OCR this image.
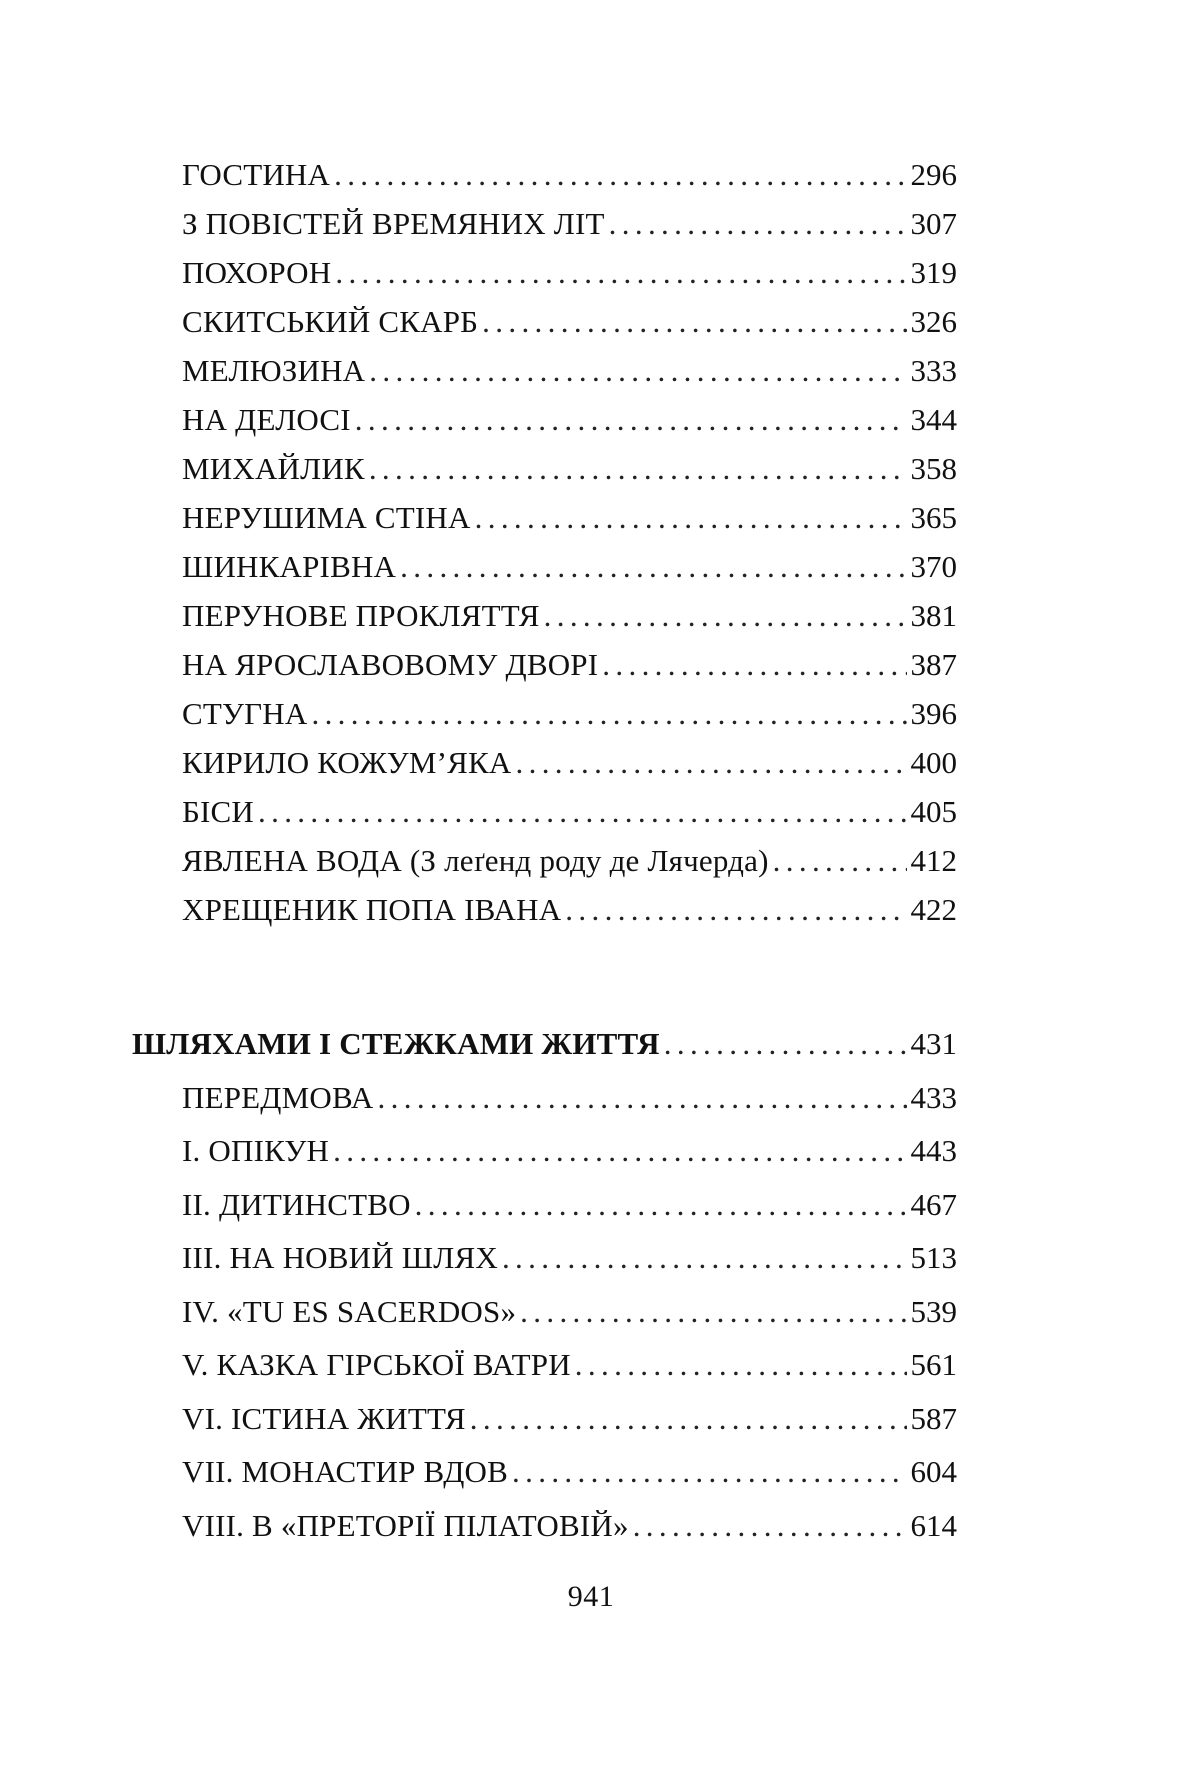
ГОСТИНА . . .	296
З ПОВІСТЕЙ ВРЕМЯНИХ ЛІТ . . .	307
ПОХОРОН . . .	319
СКИТСЬКИЙ СКАРБ . . .	326
МЕЛЮЗИНА . . .	333
НА ДЕЛОСІ . . .	344
МИХАЙЛИК . . .	358
НЕРУШИМА СТІНА . . .	365
ШИНКАРІВНА . . .	370
ПЕРУНОВЕ ПРОКЛЯТТЯ . . .	381
НА ЯРОСЛАВОВОМУ ДВОРІ . . .	387
СТУГНА . . .	396
КИРИЛО КОЖУМ’ЯКА . . .	400
БІСИ . . .	405
ЯВЛЕНА ВОДА (З леґенд роду де Лячерда) . . .	412
ХРЕЩЕНИК ПОПА ІВАНА . . .	422
ШЛЯХАМИ І СТЕЖКАМИ ЖИТТЯ . . .	431
ПЕРЕДМОВА . . .	433
І. ОПІКУН . . .	443
ІІ. ДИТИНСТВО . . .	467
ІІІ. НА НОВИЙ ШЛЯХ . . .	513
IV. «TU ES SACERDOS» . . .	539
V. КАЗКА ГІРСЬКОЇ ВАТРИ . . .	561
VI. ІСТИНА ЖИТТЯ . . .	587
VII. МОНАСТИР ВДОВ . . .	604
VIII. В «ПРЕТОРІЇ ПІЛАТОВІЙ» . . .	614
941
